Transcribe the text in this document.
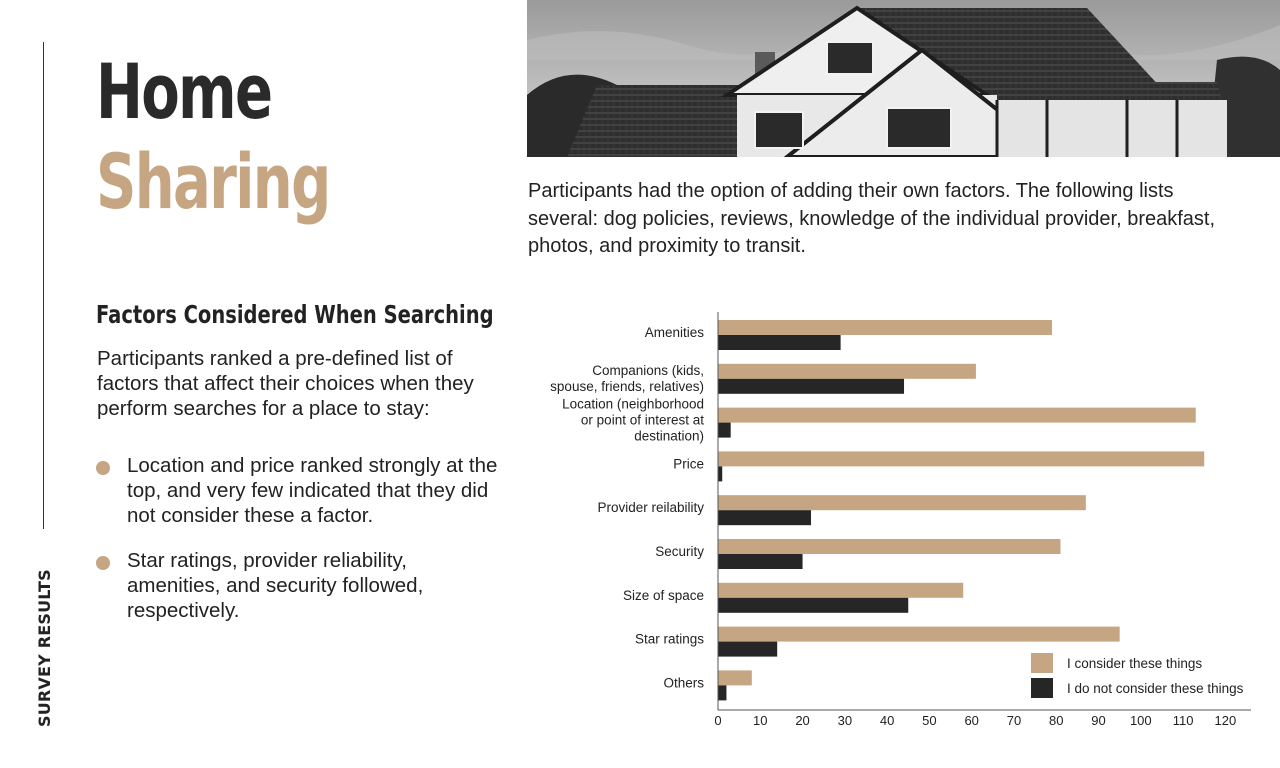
SURVEY RESULTS
Home
Sharing
Factors Considered When Searching

Participants ranked a pre-defined list of factors that affect their choices when they perform searches for a place to stay:

Location and price ranked strongly at the top, and very few indicated that they did not consider these a factor.
Star ratings, provider reliability, amenities, and security followed, respectively.

Participants had the option of adding their own factors. The following lists several: dog policies, reviews, knowledge of the individual provider, breakfast, photos, and proximity to transit.

Amenities
Companions (kids, spouse, friends, relatives)
Location (neighborhood or point of interest at destination)
Price
Provider reilability
Security
Size of space
Star ratings
Others
0 10 20 30 40 50 60 70 80 90 100 110 120
I consider these things
I do not consider these things
